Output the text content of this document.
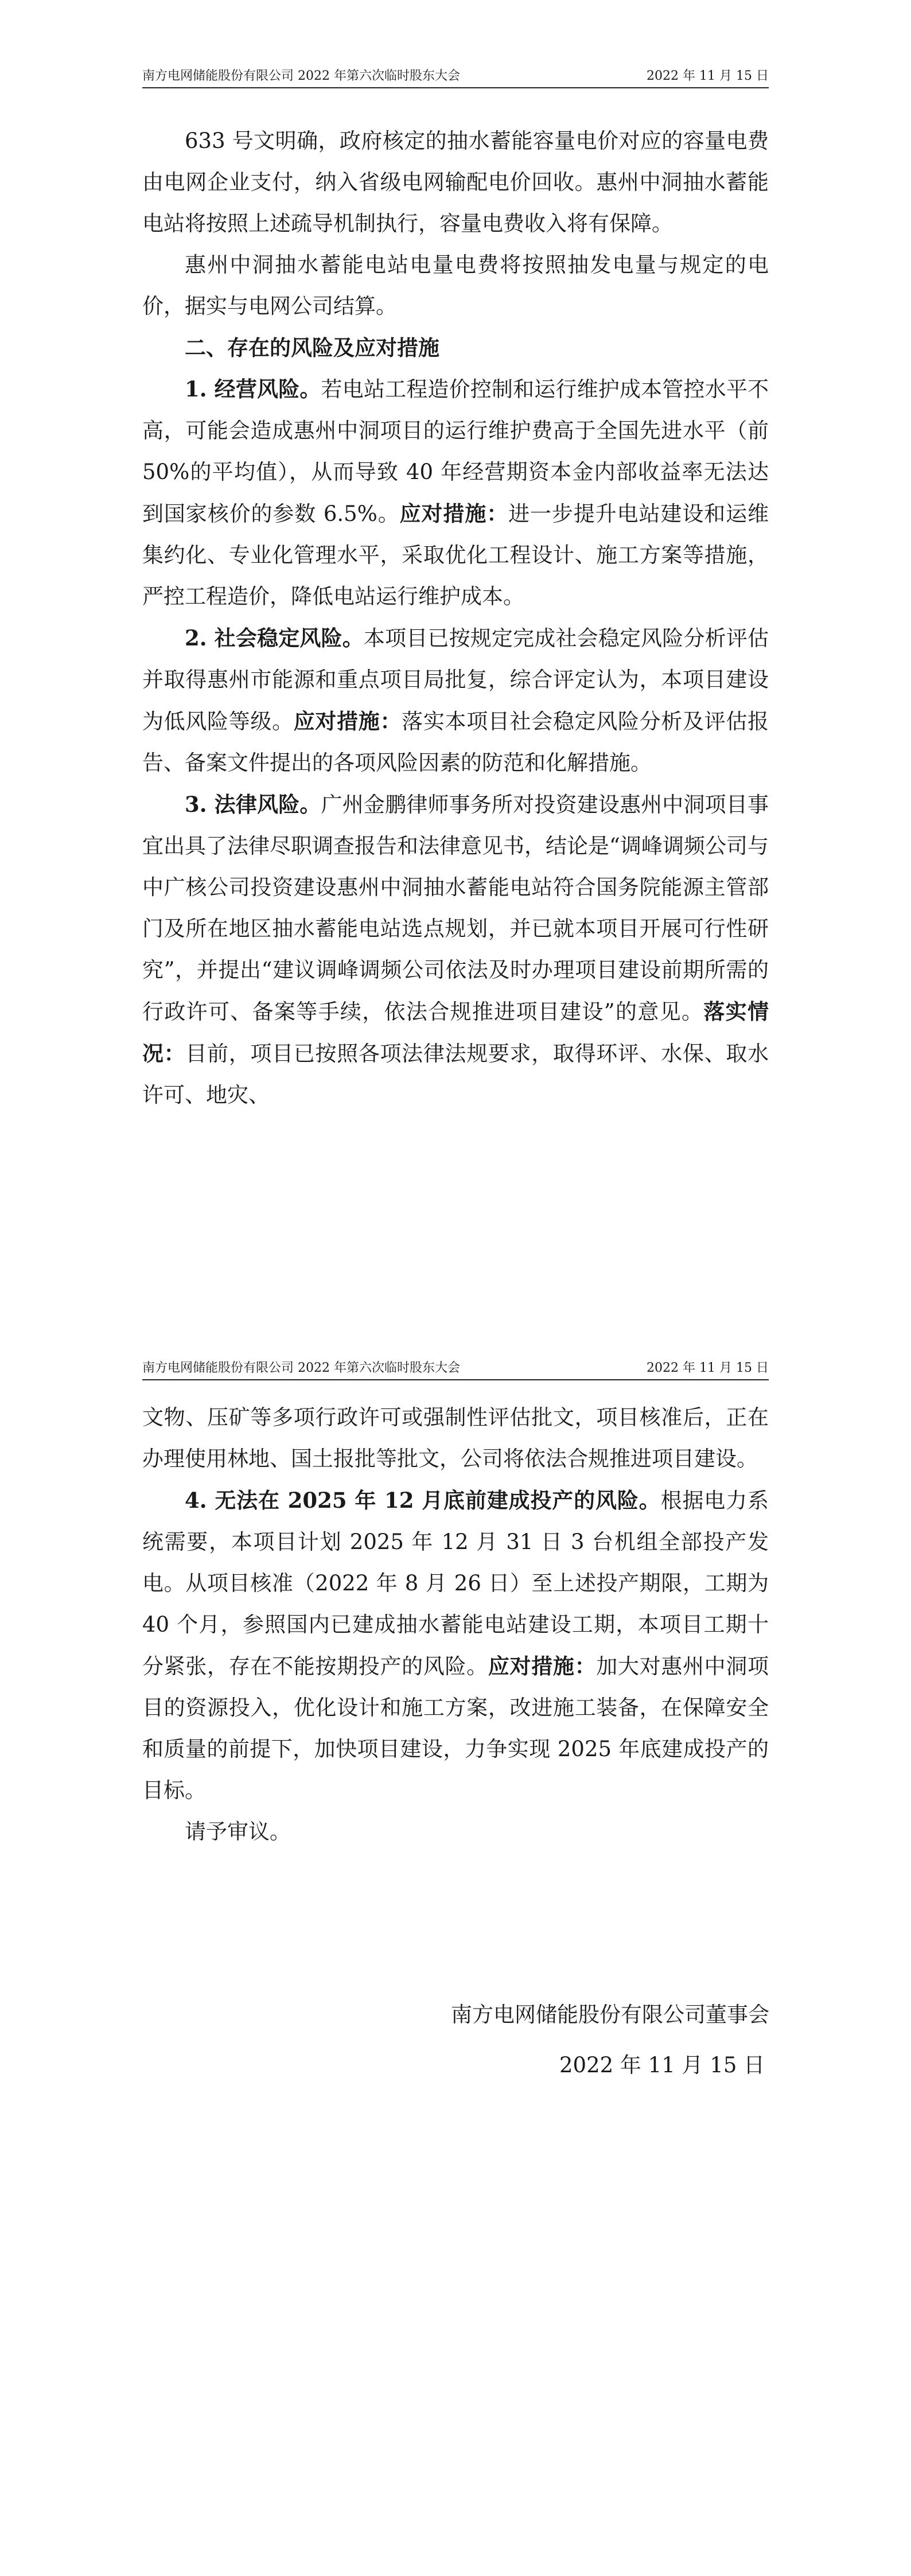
南方电网储能股份有限公司 2022 年第六次临时股东大会	2022 年 11 月 15 日

633 号文明确，政府核定的抽水蓄能容量电价对应的容量电费由电网企业支付，纳入省级电网输配电价回收。惠州中洞抽水蓄能电站将按照上述疏导机制执行，容量电费收入将有保障。

惠州中洞抽水蓄能电站电量电费将按照抽发电量与规定的电价，据实与电网公司结算。

二、存在的风险及应对措施

1. 经营风险。若电站工程造价控制和运行维护成本管控水平不高，可能会造成惠州中洞项目的运行维护费高于全国先进水平（前 50%的平均值），从而导致 40 年经营期资本金内部收益率无法达到国家核价的参数 6.5%。应对措施：进一步提升电站建设和运维集约化、专业化管理水平，采取优化工程设计、施工方案等措施，严控工程造价，降低电站运行维护成本。

2. 社会稳定风险。本项目已按规定完成社会稳定风险分析评估并取得惠州市能源和重点项目局批复，综合评定认为，本项目建设为低风险等级。应对措施：落实本项目社会稳定风险分析及评估报告、备案文件提出的各项风险因素的防范和化解措施。

3. 法律风险。广州金鹏律师事务所对投资建设惠州中洞项目事宜出具了法律尽职调查报告和法律意见书，结论是“调峰调频公司与中广核公司投资建设惠州中洞抽水蓄能电站符合国务院能源主管部门及所在地区抽水蓄能电站选点规划，并已就本项目开展可行性研究”，并提出“建议调峰调频公司依法及时办理项目建设前期所需的行政许可、备案等手续，依法合规推进项目建设”的意见。落实情况：目前，项目已按照各项法律法规要求，取得环评、水保、取水许可、地灾、

南方电网储能股份有限公司 2022 年第六次临时股东大会	2022 年 11 月 15 日

文物、压矿等多项行政许可或强制性评估批文，项目核准后，正在办理使用林地、国土报批等批文，公司将依法合规推进项目建设。

4. 无法在 2025 年 12 月底前建成投产的风险。根据电力系统需要，本项目计划 2025 年 12 月 31 日 3 台机组全部投产发电。从项目核准（2022 年 8 月 26 日）至上述投产期限，工期为 40 个月，参照国内已建成抽水蓄能电站建设工期，本项目工期十分紧张，存在不能按期投产的风险。应对措施：加大对惠州中洞项目的资源投入，优化设计和施工方案，改进施工装备，在保障安全和质量的前提下，加快项目建设，力争实现 2025 年底建成投产的目标。

请予审议。

南方电网储能股份有限公司董事会
2022 年 11 月 15 日
